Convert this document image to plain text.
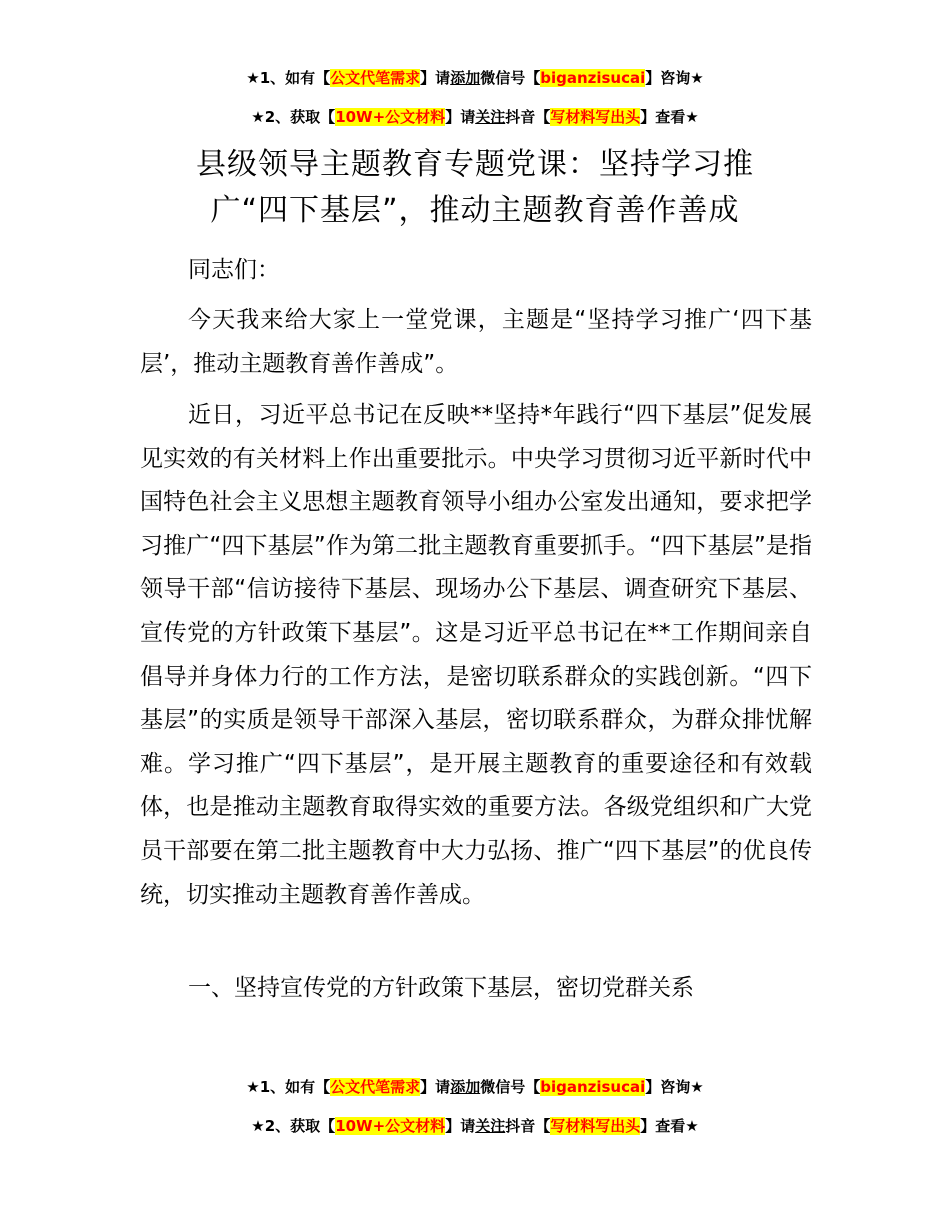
★1、如有【公文代笔需求】请添加微信号【biganzisucai】咨询★
★2、获取【10W+公文材料】请关注抖音【写材料写出头】查看★
县级领导主题教育专题党课：坚持学习推
广“四下基层”，推动主题教育善作善成

同志们：

今天我来给大家上一堂党课，主题是“坚持学习推广‘四下基层’，推动主题教育善作善成”。

近日，习近平总书记在反映**坚持*年践行“四下基层”促发展见实效的有关材料上作出重要批示。中央学习贯彻习近平新时代中国特色社会主义思想主题教育领导小组办公室发出通知，要求把学习推广“四下基层”作为第二批主题教育重要抓手。“四下基层”是指领导干部“信访接待下基层、现场办公下基层、调查研究下基层、宣传党的方针政策下基层”。这是习近平总书记在**工作期间亲自倡导并身体力行的工作方法，是密切联系群众的实践创新。“四下基层”的实质是领导干部深入基层，密切联系群众，为群众排忧解难。学习推广“四下基层”，是开展主题教育的重要途径和有效载体，也是推动主题教育取得实效的重要方法。各级党组织和广大党员干部要在第二批主题教育中大力弘扬、推广“四下基层”的优良传统，切实推动主题教育善作善成。

一、坚持宣传党的方针政策下基层，密切党群关系

★1、如有【公文代笔需求】请添加微信号【biganzisucai】咨询★
★2、获取【10W+公文材料】请关注抖音【写材料写出头】查看★
